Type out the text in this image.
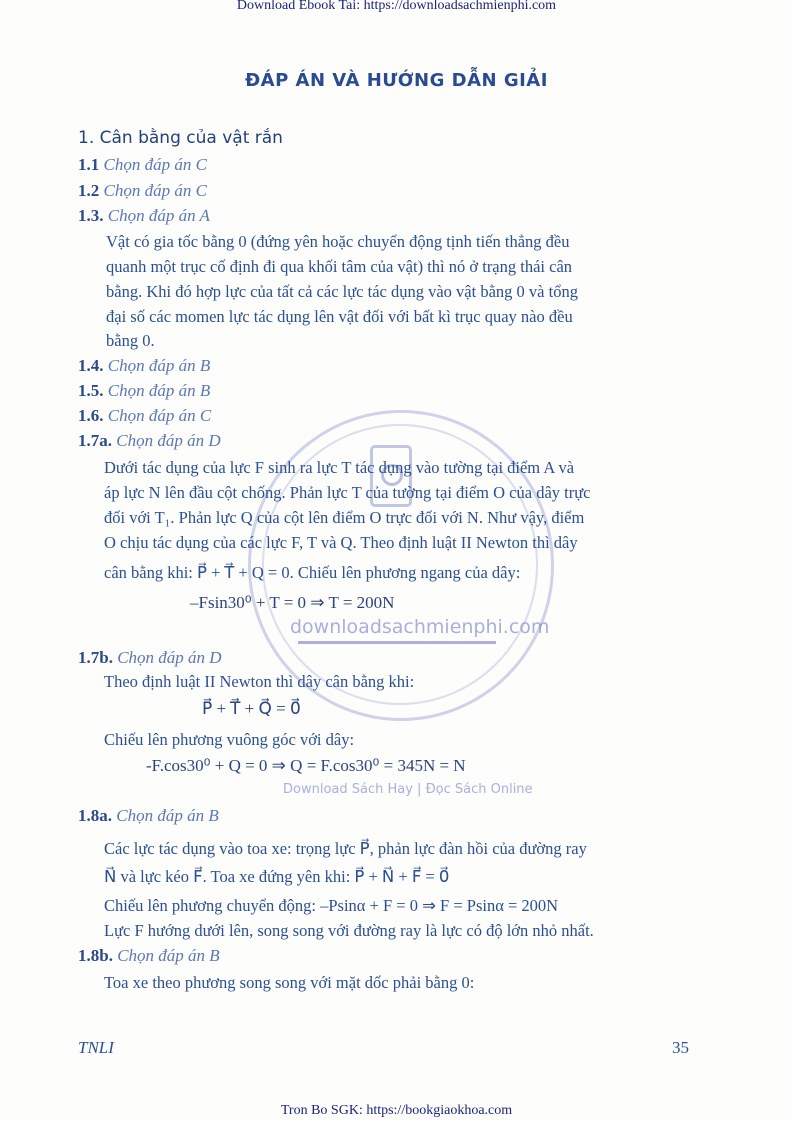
Download Ebook Tai: https://downloadsachmienphi.com
ĐÁP ÁN VÀ HƯỚNG DẪN GIẢI
1. Cân bằng của vật rắn
1.1 Chọn đáp án C
1.2 Chọn đáp án C
1.3. Chọn đáp án A
Vật có gia tốc bằng 0 (đứng yên hoặc chuyển động tịnh tiến thẳng đều
quanh một trục cố định đi qua khối tâm của vật) thì nó ở trạng thái cân
bằng. Khi đó hợp lực của tất cả các lực tác dụng vào vật bằng 0 và tổng
đại số các momen lực tác dụng lên vật đối với bất kì trục quay nào đều
bằng 0.
1.4. Chọn đáp án B
1.5. Chọn đáp án B
1.6. Chọn đáp án C
1.7a. Chọn đáp án D
Dưới tác dụng của lực F sinh ra lực T tác dụng vào tường tại điểm A và
áp lực N lên đầu cột chống. Phản lực T của tường tại điểm O của dây trực
đối với T₁. Phản lực Q của cột lên điểm O trực đối với N. Như vậy, điểm
O chịu tác dụng của các lực F, T và Q. Theo định luật II Newton thì dây
cân bằng khi: P⃗ + T⃗ + Q = 0. Chiếu lên phương ngang của dây:
–Fsin30⁰ + T = 0 ⇒ T = 200N
downloadsachmienphi.com
1.7b. Chọn đáp án D
Theo định luật II Newton thì dây cân bằng khi:
P⃗ + T⃗ + Q⃗ = 0⃗
Chiếu lên phương vuông góc với dây:
-F.cos30⁰ + Q = 0 ⇒ Q = F.cos30⁰ = 345N = N
Download Sách Hay | Đọc Sách Online
1.8a. Chọn đáp án B
Các lực tác dụng vào toa xe: trọng lực P⃗, phản lực đàn hồi của đường ray
N⃗ và lực kéo F⃗. Toa xe đứng yên khi: P⃗ + N⃗ + F⃗ = 0⃗
Chiếu lên phương chuyển động: –Psinα + F = 0 ⇒ F = Psinα = 200N
Lực F hướng dưới lên, song song với đường ray là lực có độ lớn nhỏ nhất.
1.8b. Chọn đáp án B
Toa xe theo phương song song với mặt dốc phải bằng 0:
TNLI	35
Tron Bo SGK: https://bookgiaokhoa.com
